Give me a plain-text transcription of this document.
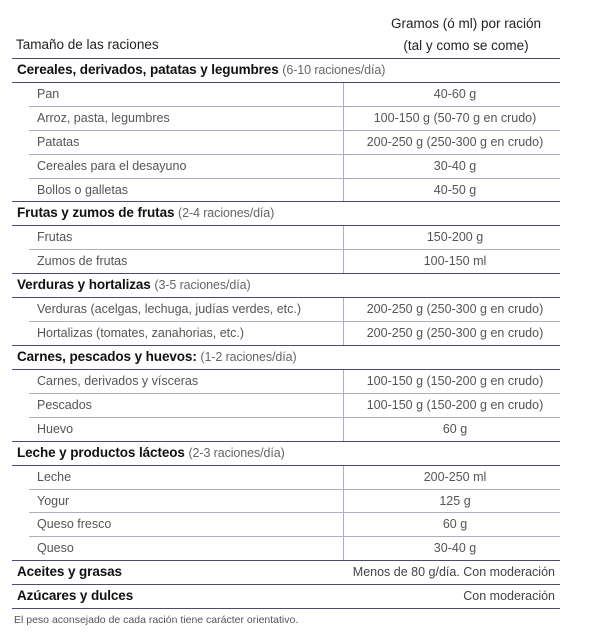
Tamaño de las raciones
Gramos (ó ml) por ración
(tal y como se come)
Cereales, derivados, patatas y legumbres (6-10 raciones/día)
Pan	40-60 g
Arroz, pasta, legumbres	100-150 g (50-70 g en crudo)
Patatas	200-250 g (250-300 g en crudo)
Cereales para el desayuno	30-40 g
Bollos o galletas	40-50 g
Frutas y zumos de frutas (2-4 raciones/día)
Frutas	150-200 g
Zumos de frutas	100-150 ml
Verduras y hortalizas (3-5 raciones/día)
Verduras (acelgas, lechuga, judías verdes, etc.)	200-250 g (250-300 g en crudo)
Hortalizas (tomates, zanahorias, etc.)	200-250 g (250-300 g en crudo)
Carnes, pescados y huevos: (1-2 raciones/día)
Carnes, derivados y vísceras	100-150 g (150-200 g en crudo)
Pescados	100-150 g (150-200 g en crudo)
Huevo	60 g
Leche y productos lácteos (2-3 raciones/día)
Leche	200-250 ml
Yogur	125 g
Queso fresco	60 g
Queso	30-40 g
Aceites y grasas	Menos de 80 g/día. Con moderación
Azúcares y dulces	Con moderación
El peso aconsejado de cada ración tiene carácter orientativo.
